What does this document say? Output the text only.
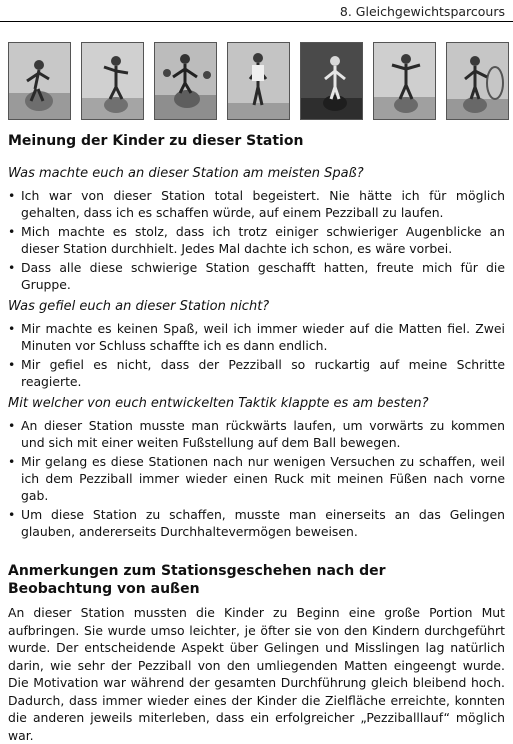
8. Gleichgewichtsparcours
Meinung der Kinder zu dieser Station
Was machte euch an dieser Station am meisten Spaß?
• Ich war von dieser Station total begeistert. Nie hätte ich für möglich gehalten, dass ich es schaffen würde, auf einem Pezziball zu laufen.
• Mich machte es stolz, dass ich trotz einiger schwieriger Augenblicke an dieser Station durchhielt. Jedes Mal dachte ich schon, es wäre vorbei.
• Dass alle diese schwierige Station geschafft hatten, freute mich für die Gruppe.
Was gefiel euch an dieser Station nicht?
• Mir machte es keinen Spaß, weil ich immer wieder auf die Matten fiel. Zwei Minuten vor Schluss schaffte ich es dann endlich.
• Mir gefiel es nicht, dass der Pezziball so ruckartig auf meine Schritte reagierte.
Mit welcher von euch entwickelten Taktik klappte es am besten?
• An dieser Station musste man rückwärts laufen, um vorwärts zu kommen und sich mit einer weiten Fußstellung auf dem Ball bewegen.
• Mir gelang es diese Stationen nach nur wenigen Versuchen zu schaffen, weil ich dem Pezziball immer wieder einen Ruck mit meinen Füßen nach vorne gab.
• Um diese Station zu schaffen, musste man einerseits an das Gelingen glauben, andererseits Durchhaltevermögen beweisen.
Anmerkungen zum Stationsgeschehen nach der
Beobachtung von außen

An dieser Station mussten die Kinder zu Beginn eine große Portion Mut aufbringen. Sie wurde umso leichter, je öfter sie von den Kindern durchgeführt wurde. Der entscheidende Aspekt über Gelingen und Misslingen lag natürlich darin, wie sehr der Pezziball von den umliegenden Matten eingeengt wurde. Die Motivation war während der gesamten Durchführung gleich bleibend hoch. Dadurch, dass immer wieder eines der Kinder die Zielfläche erreichte, konnten die anderen jeweils miterleben, dass ein erfolgreicher „Pezziballlauf“ möglich war.
